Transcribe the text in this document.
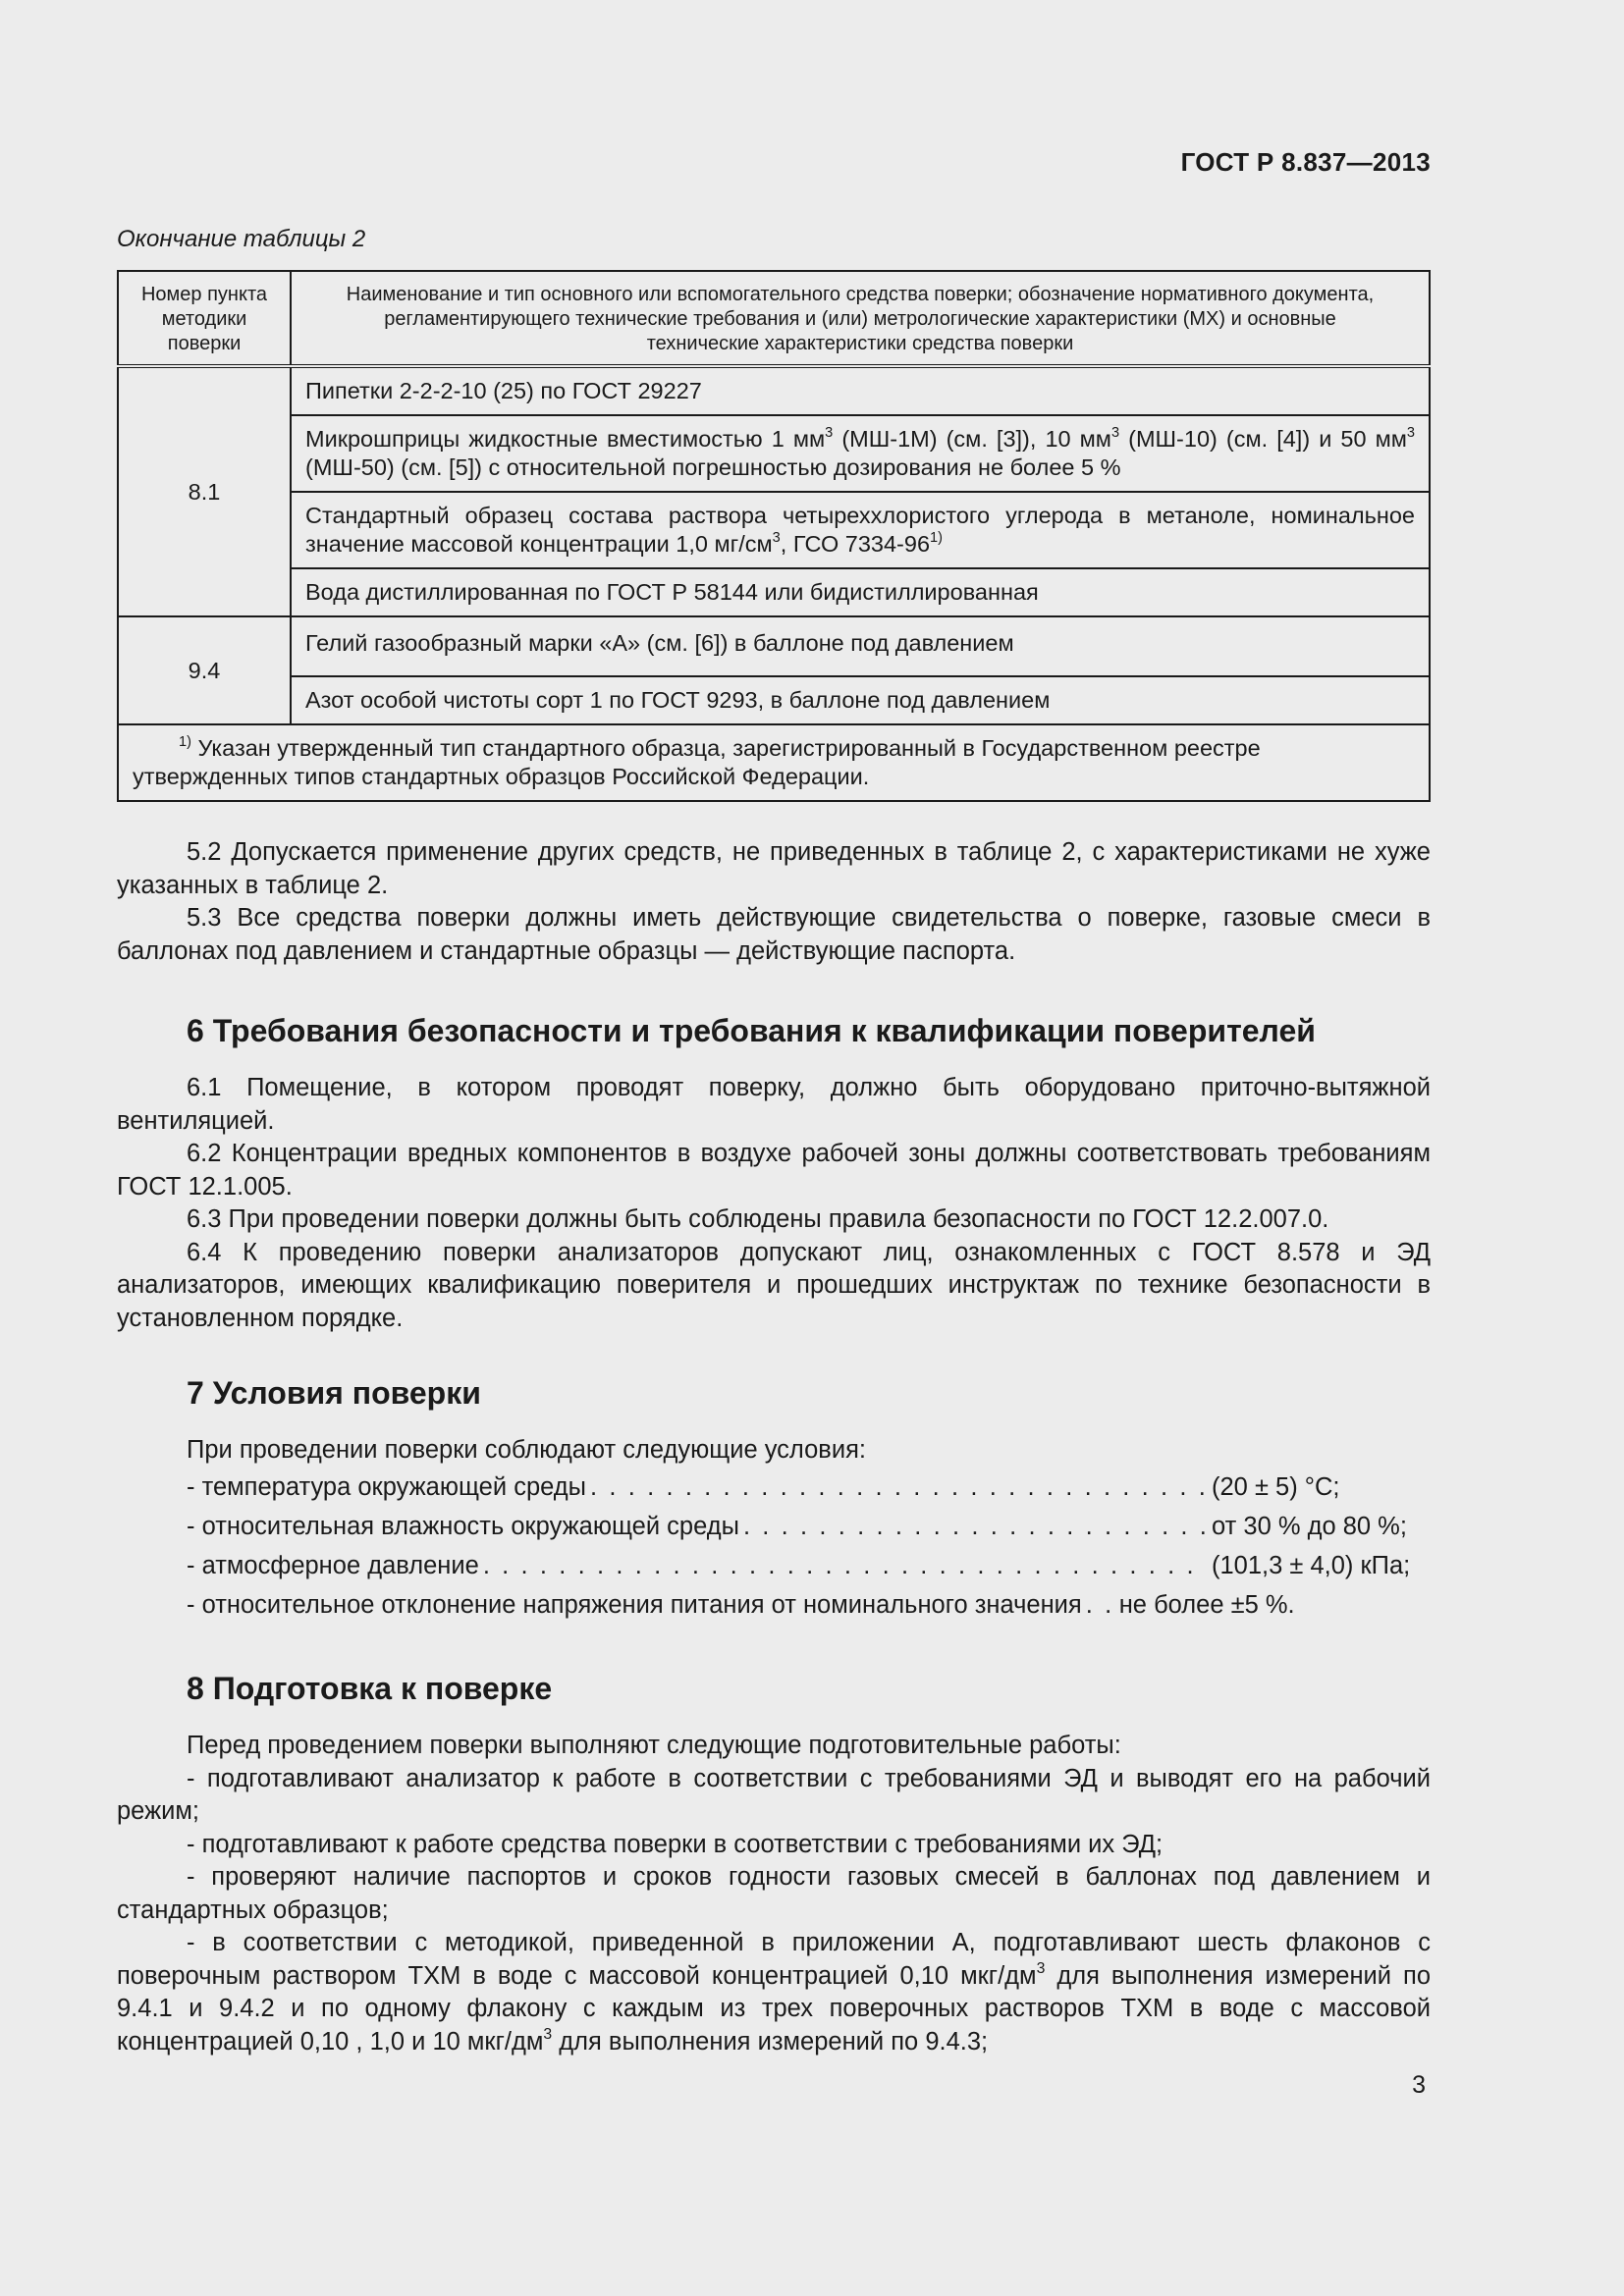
ГОСТ Р 8.837—2013
Окончание таблицы 2
Номер пункта методики поверки	Наименование и тип основного или вспомогательного средства поверки; обозначение нормативного документа, регламентирующего технические требования и (или) метрологические характеристики (МХ) и основные технические характеристики средства поверки
8.1	Пипетки 2-2-2-10 (25) по ГОСТ 29227
	Микрошприцы жидкостные вместимостью 1 $мм^3$ (МШ-1М) (см. [3]), 10 $мм^3$ (МШ-10) (см. [4]) и 50 $мм^3$ (МШ-50) (см. [5]) с относительной погрешностью дозирования не более 5 %
	Стандартный образец состава раствора четыреххлористого углерода в метаноле, номинальное значение массовой концентрации 1,0 $мг/см^3$, ГСО 7334-96$^{1)}$
	Вода дистиллированная по ГОСТ Р 58144 или бидистиллированная
9.4	Гелий газообразный марки «А» (см. [6]) в баллоне под давлением
	Азот особой чистоты сорт 1 по ГОСТ 9293, в баллоне под давлением
$^{1)}$ Указан утвержденный тип стандартного образца, зарегистрированный в Государственном реестре утвержденных типов стандартных образцов Российской Федерации.	

5.2 Допускается применение других средств, не приведенных в таблице 2, с характеристиками не хуже указанных в таблице 2.

5.3 Все средства поверки должны иметь действующие свидетельства о поверке, газовые смеси в баллонах под давлением и стандартные образцы — действующие паспорта.

6 Требования безопасности и требования к квалификации поверителей

6.1 Помещение, в котором проводят поверку, должно быть оборудовано приточно-вытяжной вентиляцией.

6.2 Концентрации вредных компонентов в воздухе рабочей зоны должны соответствовать требованиям ГОСТ 12.1.005.

6.3 При проведении поверки должны быть соблюдены правила безопасности по ГОСТ 12.2.007.0.

6.4 К проведению поверки анализаторов допускают лиц, ознакомленных с ГОСТ 8.578 и ЭД анализаторов, имеющих квалификацию поверителя и прошедших инструктаж по технике безопасности в установленном порядке.

7 Условия поверки

При проведении поверки соблюдают следующие условия:

- температура окружающей среды . . .	(20 ± 5) °С;
- относительная влажность окружающей среды . . .	от 30 % до 80 %;
- атмосферное давление . . .	(101,3 ± 4,0) кПа;
- относительное отклонение напряжения питания от номинального значения . . . не более ±5 %.
8 Подготовка к поверке

Перед проведением поверки выполняют следующие подготовительные работы:

- подготавливают анализатор к работе в соответствии с требованиями ЭД и выводят его на рабочий режим;

- подготавливают к работе средства поверки в соответствии с требованиями их ЭД;

- проверяют наличие паспортов и сроков годности газовых смесей в баллонах под давлением и стандартных образцов;

- в соответствии с методикой, приведенной в приложении А, подготавливают шесть флаконов с поверочным раствором ТХМ в воде с массовой концентрацией 0,10 мкг/$дм^3$ для выполнения измерений по 9.4.1 и 9.4.2 и по одному флакону с каждым из трех поверочных растворов ТХМ в воде с массовой концентрацией 0,10 , 1,0 и 10 мкг/$дм^3$ для выполнения измерений по 9.4.3;

3
